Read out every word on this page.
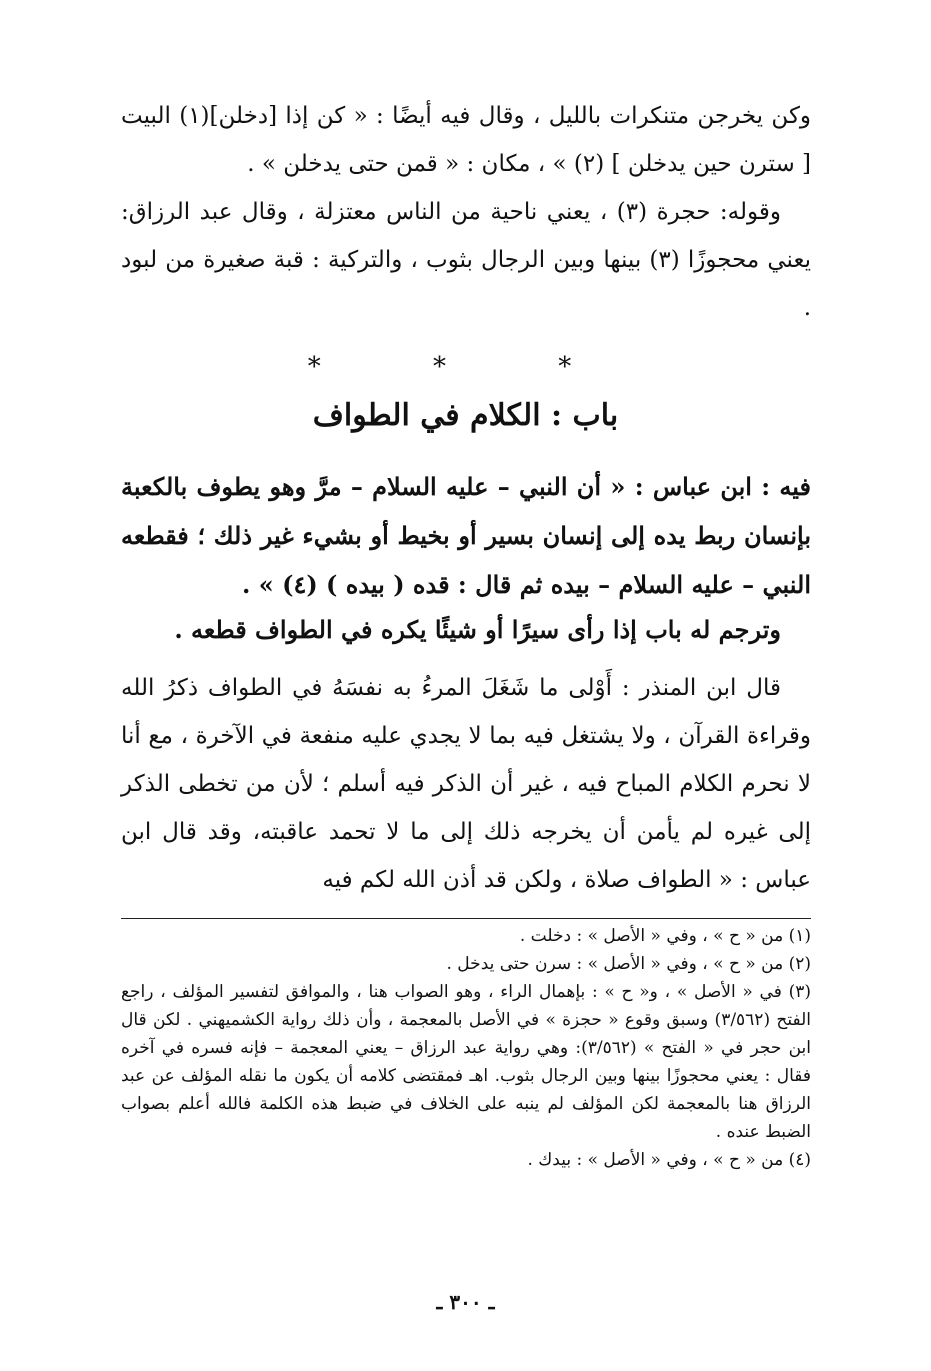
وكن يخرجن متنكرات بالليل ، وقال فيه أيضًا : « كن إذا [دخلن](١) البيت [ سترن حين يدخلن ] (٢) » ، مكان : « قمن حتى يدخلن » .

وقوله: حجرة (٣) ، يعني ناحية من الناس معتزلة ، وقال عبد الرزاق: يعني محجوزًا (٣) بينها وبين الرجال بثوب ، والتركية : قبة صغيرة من لبود .

* * *
باب : الكلام في الطواف

فيه : ابن عباس : « أن النبي – عليه السلام – مرَّ وهو يطوف بالكعبة بإنسان ربط يده إلى إنسان بسير أو بخيط أو بشيء غير ذلك ؛ فقطعه النبي – عليه السلام – بيده ثم قال : قده ( بيده ) (٤) » .

وترجم له باب إذا رأى سيرًا أو شيئًا يكره في الطواف قطعه .

قال ابن المنذر : أَوْلى ما شَغَلَ المرءُ به نفسَهُ في الطواف ذكرُ الله وقراءة القرآن ، ولا يشتغل فيه بما لا يجدي عليه منفعة في الآخرة ، مع أنا لا نحرم الكلام المباح فيه ، غير أن الذكر فيه أسلم ؛ لأن من تخطى الذكر إلى غيره لم يأمن أن يخرجه ذلك إلى ما لا تحمد عاقبته، وقد قال ابن عباس : « الطواف صلاة ، ولكن قد أذن الله لكم فيه

(١) من « ح » ، وفي « الأصل » : دخلت .

(٢) من « ح » ، وفي « الأصل » : سرن حتى يدخل .

(٣) في « الأصل » ، و« ح » : بإهمال الراء ، وهو الصواب هنا ، والموافق لتفسير المؤلف ، راجع الفتح (٣/٥٦٢) وسبق وقوع « حجزة » في الأصل بالمعجمة ، وأن ذلك رواية الكشميهني . لكن قال ابن حجر في « الفتح » (٣/٥٦٢): وهي رواية عبد الرزاق – يعني المعجمة – فإنه فسره في آخره فقال : يعني محجوزًا بينها وبين الرجال بثوب. اهـ فمقتضى كلامه أن يكون ما نقله المؤلف عن عبد الرزاق هنا بالمعجمة لكن المؤلف لم ينبه على الخلاف في ضبط هذه الكلمة فالله أعلم بصواب الضبط عنده .

(٤) من « ح » ، وفي « الأصل » : بيدك .

ـ ٣٠٠ ـ
